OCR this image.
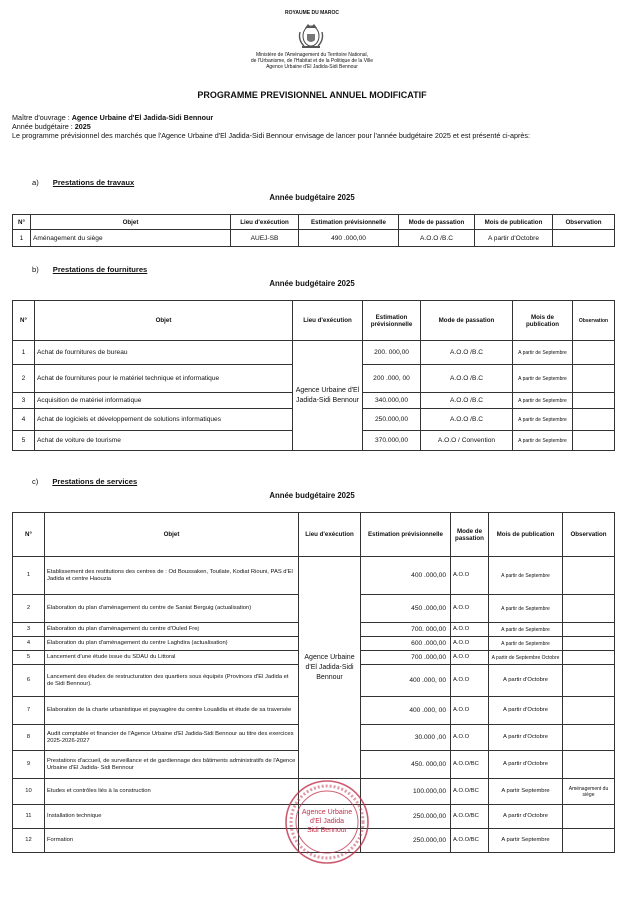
ROYAUME DU MAROC
Ministère de l'Aménagement du Territoire National,
de l'Urbanisme, de l'Habitat et de la Politique de la Ville
Agence Urbaine d'El Jadida-Sidi Bennour
PROGRAMME PREVISIONNEL ANNUEL MODIFICATIF
Maître d'ouvrage : Agence Urbaine d'El Jadida-Sidi Bennour
Année budgétaire : 2025
Le programme prévisionnel des marchés que l'Agence Urbaine d'El Jadida-Sidi Bennour envisage de lancer pour l'année budgétaire 2025 et est présenté ci-après:
a) Prestations de travaux
Année budgétaire 2025
N°	Objet	Lieu d'exécution	Estimation prévisionnelle	Mode de passation	Mois de publication	Observation
1	Aménagement du siège	AUEJ-SB	490 .000,00	A.O.O /B.C	A partir d'Octobre	
b) Prestations de fournitures
Année budgétaire 2025
N°	Objet	Lieu d'exécution	Estimation prévisionnelle	Mode de passation	Mois de publication	Observation
1	Achat de fournitures de bureau	Agence Urbaine d'El Jadida-Sidi Bennour	200. 000,00	A.O.O /B.C	A partir de Septembre	
2	Achat de fournitures pour le matériel technique et informatique		200 .000, 00	A.O.O /B.C	A partir de Septembre	
3	Acquisition de matériel informatique		340.000,00	A.O.O /B.C	A partir de Septembre	
4	Achat de logiciels et développement de solutions informatiques		250.000,00	A.O.O /B.C	A partir de Septembre	
5	Achat de voiture de tourisme		370.000,00	A.O.O / Convention	A partir de Septembre	
c) Prestations de services
Année budgétaire 2025
N°	Objet	Lieu d'exécution	Estimation prévisionnelle	Mode de passation	Mois de publication	Observation
1	Etablissement des restitutions des centres de : Od Boussaken, Touilate, Kodiat Riouni, PAS d'El Jadida et centre Haouzia	Agence Urbaine d'El Jadida-Sidi Bennour	400 .000,00	A.O.O	A partir de Septembre	
2	Élaboration du plan d'aménagement du centre de Saniat Berguig (actualisation)		450 .000,00	A.O.O	A partir de Septembre	
3	Élaboration du plan d'aménagement du centre d'Ouled Frej		700. 000,00	A.O.O	A partir de Septembre	
4	Élaboration du plan d'aménagement du centre Laghdira (actualisation)		600 .000,00	A.O.O	A partir de Septembre	
5	Lancement d'une étude issue du SDAU du Littoral		700 .000,00	A.O.O	A partir de Septembre Octobre	
6	Lancement des études de restructuration des quartiers sous équipés (Provinces d'El Jadida et de Sidi Bennour).		400 .000, 00	A.O.O	A partir d'Octobre	
7	Elaboration de la charte urbanistique et paysagère du centre Loualidia et étude de sa traversée		400 .000, 00	A.O.O	A partir d'Octobre	
8	Audit comptable et financier de l'Agence Urbaine d'El Jadida-Sidi Bennour au titre des exercices 2025-2026-2027		30.000 ,00	A.O.O	A partir d'Octobre	
9	Prestations d'accueil, de surveillance et de gardiennage des bâtiments administratifs de l'Agence Urbaine d'El Jadida- Sidi Bennour		450. 000,00	A.O.O/BC	A partir d'Octobre	
10	Etudes et contrôles liés à la construction		100.000,00	A.O.O/BC	A partir Septembre	Aménagement du siège
11	Installation technique		250.000,00	A.O.O/BC	A partir d'Octobre	
12	Formation		250.000,00	A.O.O/BC	A partir Septembre	
Agence Urbaine
d'El Jadida
Sidi Bennour
